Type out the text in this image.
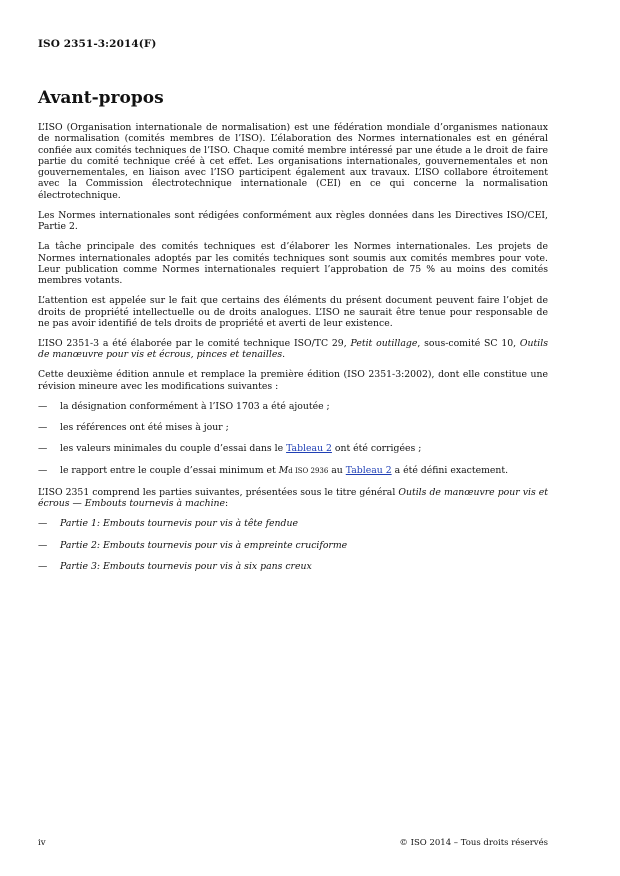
ISO 2351-3:2014(F)
Avant-propos

L’ISO (Organisation internationale de normalisation) est une fédération mondiale d’organismes nationaux de normalisation (comités membres de l’ISO). L’élaboration des Normes internationales est en général confiée aux comités techniques de l’ISO. Chaque comité membre intéressé par une étude a le droit de faire partie du comité technique créé à cet effet. Les organisations internationales, gouvernementales et non gouvernementales, en liaison avec l’ISO participent également aux travaux. L’ISO collabore étroitement avec la Commission électrotechnique internationale (CEI) en ce qui concerne la normalisation électrotechnique.

Les Normes internationales sont rédigées conformément aux règles données dans les Directives ISO/CEI, Partie 2.

La tâche principale des comités techniques est d’élaborer les Normes internationales. Les projets de Normes internationales adoptés par les comités techniques sont soumis aux comités membres pour vote. Leur publication comme Normes internationales requiert l’approbation de 75 % au moins des comités membres votants.

L’attention est appelée sur le fait que certains des éléments du présent document peuvent faire l’objet de droits de propriété intellectuelle ou de droits analogues. L’ISO ne saurait être tenue pour responsable de ne pas avoir identifié de tels droits de propriété et averti de leur existence.

L’ISO 2351-3 a été élaborée par le comité technique ISO/TC 29, Petit outillage, sous-comité SC 10, Outils de manœuvre pour vis et écrous, pinces et tenailles.

Cette deuxième édition annule et remplace la première édition (ISO 2351-3:2002), dont elle constitue une révision mineure avec les modifications suivantes :

— la désignation conformément à l’ISO 1703 a été ajoutée ;
— les références ont été mises à jour ;
— les valeurs minimales du couple d’essai dans le Tableau 2 ont été corrigées ;
— le rapport entre le couple d’essai minimum et Md ISO 2936 au Tableau 2 a été défini exactement.

L’ISO 2351 comprend les parties suivantes, présentées sous le titre général Outils de manœuvre pour vis et écrous — Embouts tournevis à machine:

— Partie 1: Embouts tournevis pour vis à tête fendue
— Partie 2: Embouts tournevis pour vis à empreinte cruciforme
— Partie 3: Embouts tournevis pour vis à six pans creux
iv	© ISO 2014 – Tous droits réservés
